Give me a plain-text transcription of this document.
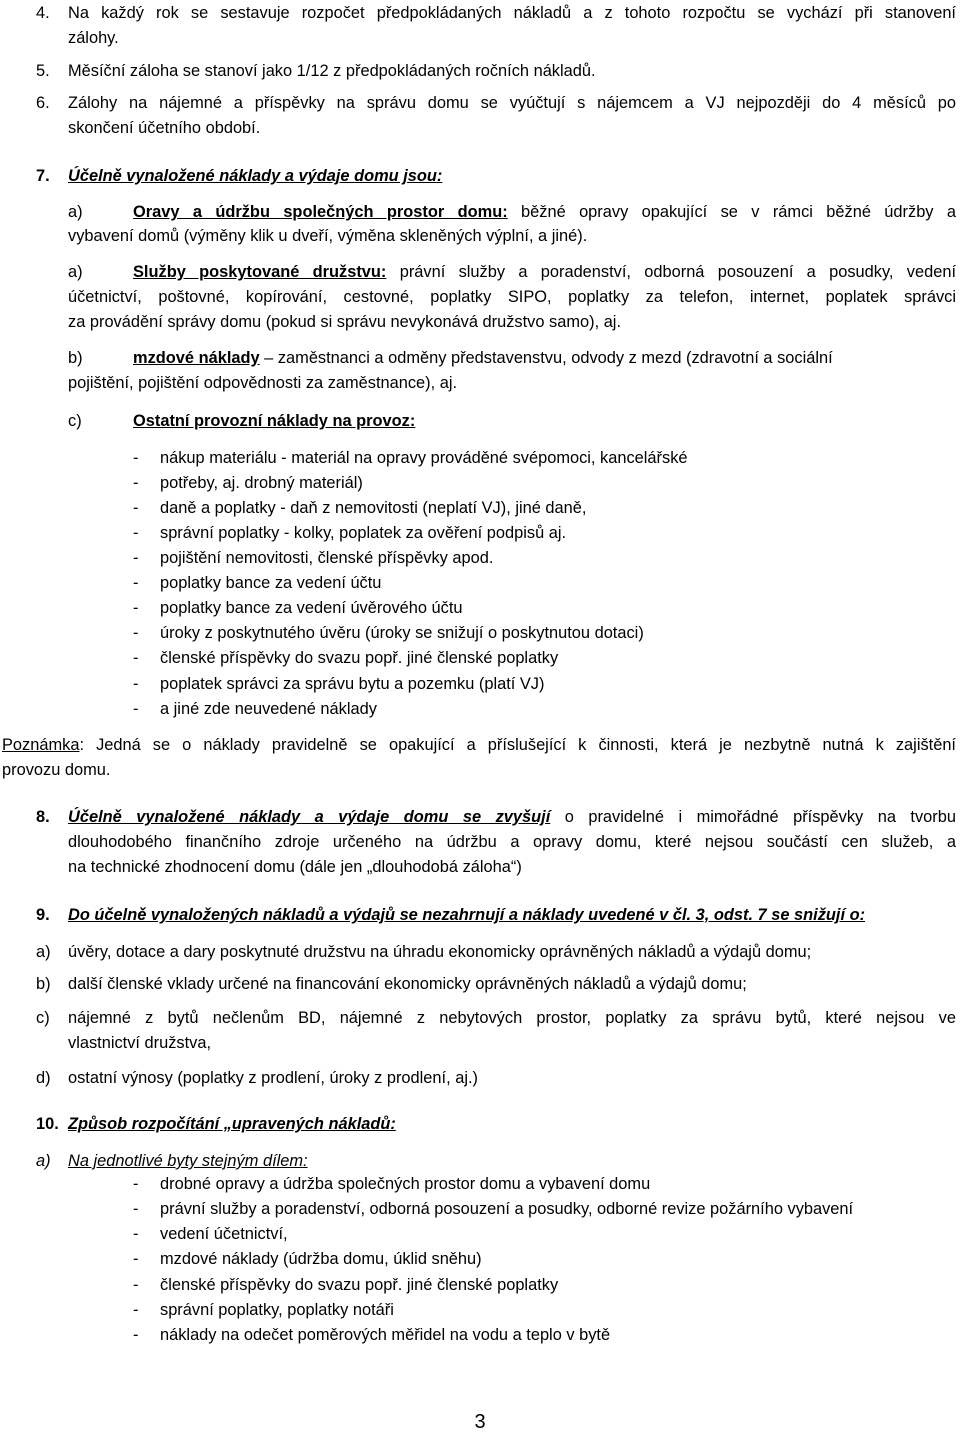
4. Na každý rok se sestavuje rozpočet předpokládaných nákladů a z tohoto rozpočtu se vychází při stanovení
zálohy.
5. Měsíční záloha se stanoví jako 1/12 z předpokládaných ročních nákladů.
6. Zálohy na nájemné a příspěvky na správu domu se vyúčtují s nájemcem a VJ nejpozději do 4 měsíců po
skončení účetního období.
7. Účelně vynaložené náklady a výdaje domu jsou:
a)	Oravy a údržbu společných prostor domu: běžné opravy opakující se v rámci běžné údržby a
vybavení domů (výměny klik u dveří, výměna skleněných výplní, a jiné).
a)	Služby poskytované družstvu: právní služby a poradenství, odborná posouzení a posudky, vedení
účetnictví, poštovné, kopírování, cestovné, poplatky SIPO, poplatky za telefon, internet, poplatek správci
za provádění správy domu (pokud si správu nevykonává družstvo samo), aj.
b)	mzdové náklady – zaměstnanci a odměny představenstvu, odvody z mezd (zdravotní a sociální
pojištění, pojištění odpovědnosti za zaměstnance), aj.
c)	Ostatní provozní náklady na provoz:
- nákup materiálu - materiál na opravy prováděné svépomoci, kancelářské
- potřeby, aj. drobný materiál)
- daně a poplatky - daň z nemovitosti (neplatí VJ), jiné daně,
- správní poplatky - kolky, poplatek za ověření podpisů aj.
- pojištění nemovitosti, členské příspěvky apod.
- poplatky bance za vedení účtu
- poplatky bance za vedení úvěrového účtu
- úroky z poskytnutého úvěru (úroky se snižují o poskytnutou dotaci)
- členské příspěvky do svazu popř. jiné členské poplatky
- poplatek správci za správu bytu a pozemku (platí VJ)
- a jiné zde neuvedené náklady
Poznámka: Jedná se o náklady pravidelně se opakující a příslušející k činnosti, která je nezbytně nutná k zajištění
provozu domu.
8. Účelně vynaložené náklady a výdaje domu se zvyšují o pravidelné i mimořádné příspěvky na tvorbu
dlouhodobého finančního zdroje určeného na údržbu a opravy domu, které nejsou součástí cen služeb, a
na technické zhodnocení domu (dále jen „dlouhodobá záloha“)
9. Do účelně vynaložených nákladů a výdajů se nezahrnují a náklady uvedené v čl. 3, odst. 7 se snižují o:
a) úvěry, dotace a dary poskytnuté družstvu na úhradu ekonomicky oprávněných nákladů a výdajů domu;
b) další členské vklady určené na financování ekonomicky oprávněných nákladů a výdajů domu;
c) nájemné z bytů nečlenům BD, nájemné z nebytových prostor, poplatky za správu bytů, které nejsou ve
vlastnictví družstva,
d) ostatní výnosy (poplatky z prodlení, úroky z prodlení, aj.)
10. Způsob rozpočítání „upravených nákladů:
a) Na jednotlivé byty stejným dílem:
- drobné opravy a údržba společných prostor domu a vybavení domu
- právní služby a poradenství, odborná posouzení a posudky, odborné revize požárního vybavení
- vedení účetnictví,
- mzdové náklady (údržba domu, úklid sněhu)
- členské příspěvky do svazu popř. jiné členské poplatky
- správní poplatky, poplatky notáři
- náklady na odečet poměrových měřidel na vodu a teplo v bytě
3
